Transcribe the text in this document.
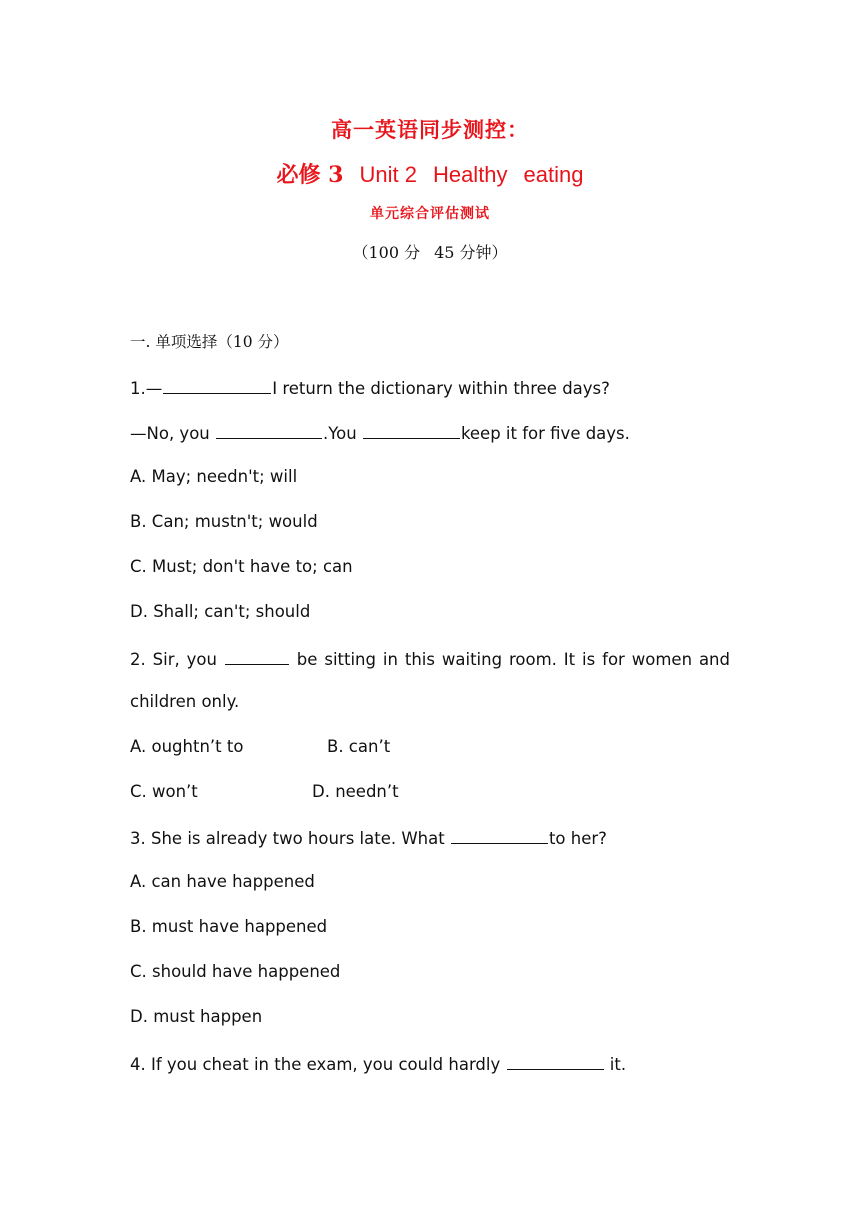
高一英语同步测控：
必修 3 Unit 2 Healthy eating
单元综合评估测试
（100 分 45 分钟）
一. 单项选择（10 分）
1.—	I return the dictionary within three days?
—No, you	.You	keep it for five days.
A. May; needn't; will
B. Can; mustn't; would
C. Must; don't have to; can
D. Shall; can't; should
2. Sir, you	be sitting in this waiting room. It is for women and
children only.
A. oughtn’t to	B. can’t
C. won’t	D. needn’t
3. She is already two hours late. What	to her?
A. can have happened
B. must have happened
C. should have happened
D. must happen
4. If you cheat in the exam, you could hardly	it.
